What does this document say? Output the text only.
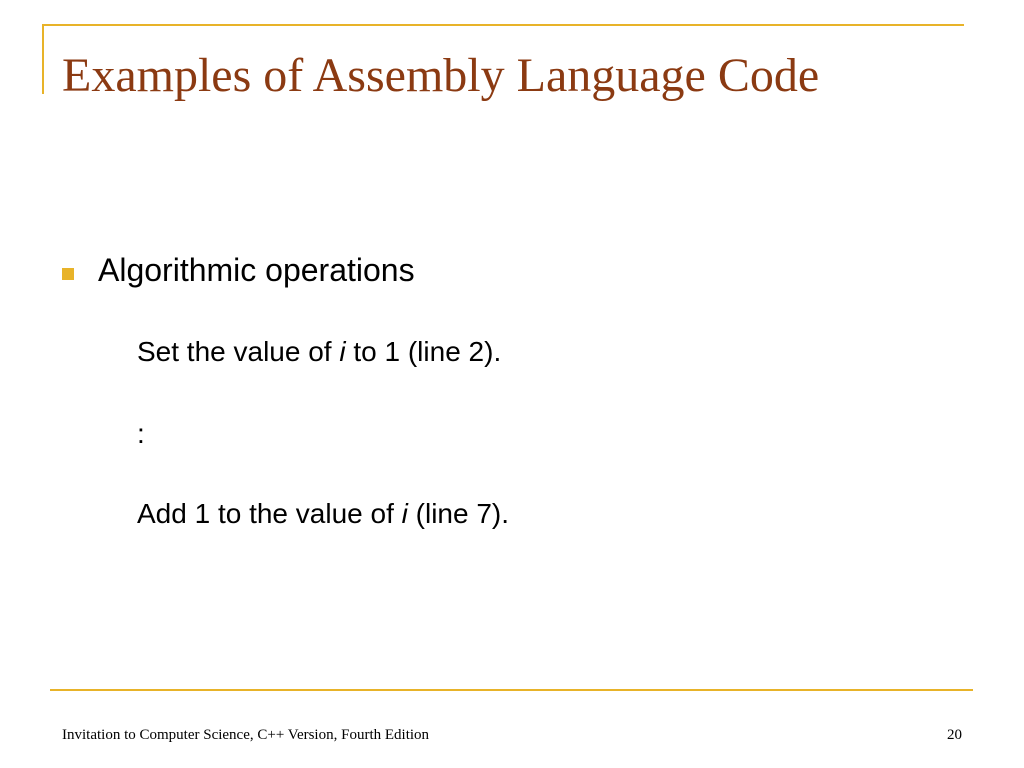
Examples of Assembly Language Code
Algorithmic operations
Set the value of i to 1 (line 2).
:
Add 1 to the value of i (line 7).
Invitation to Computer Science, C++ Version, Fourth Edition	20
